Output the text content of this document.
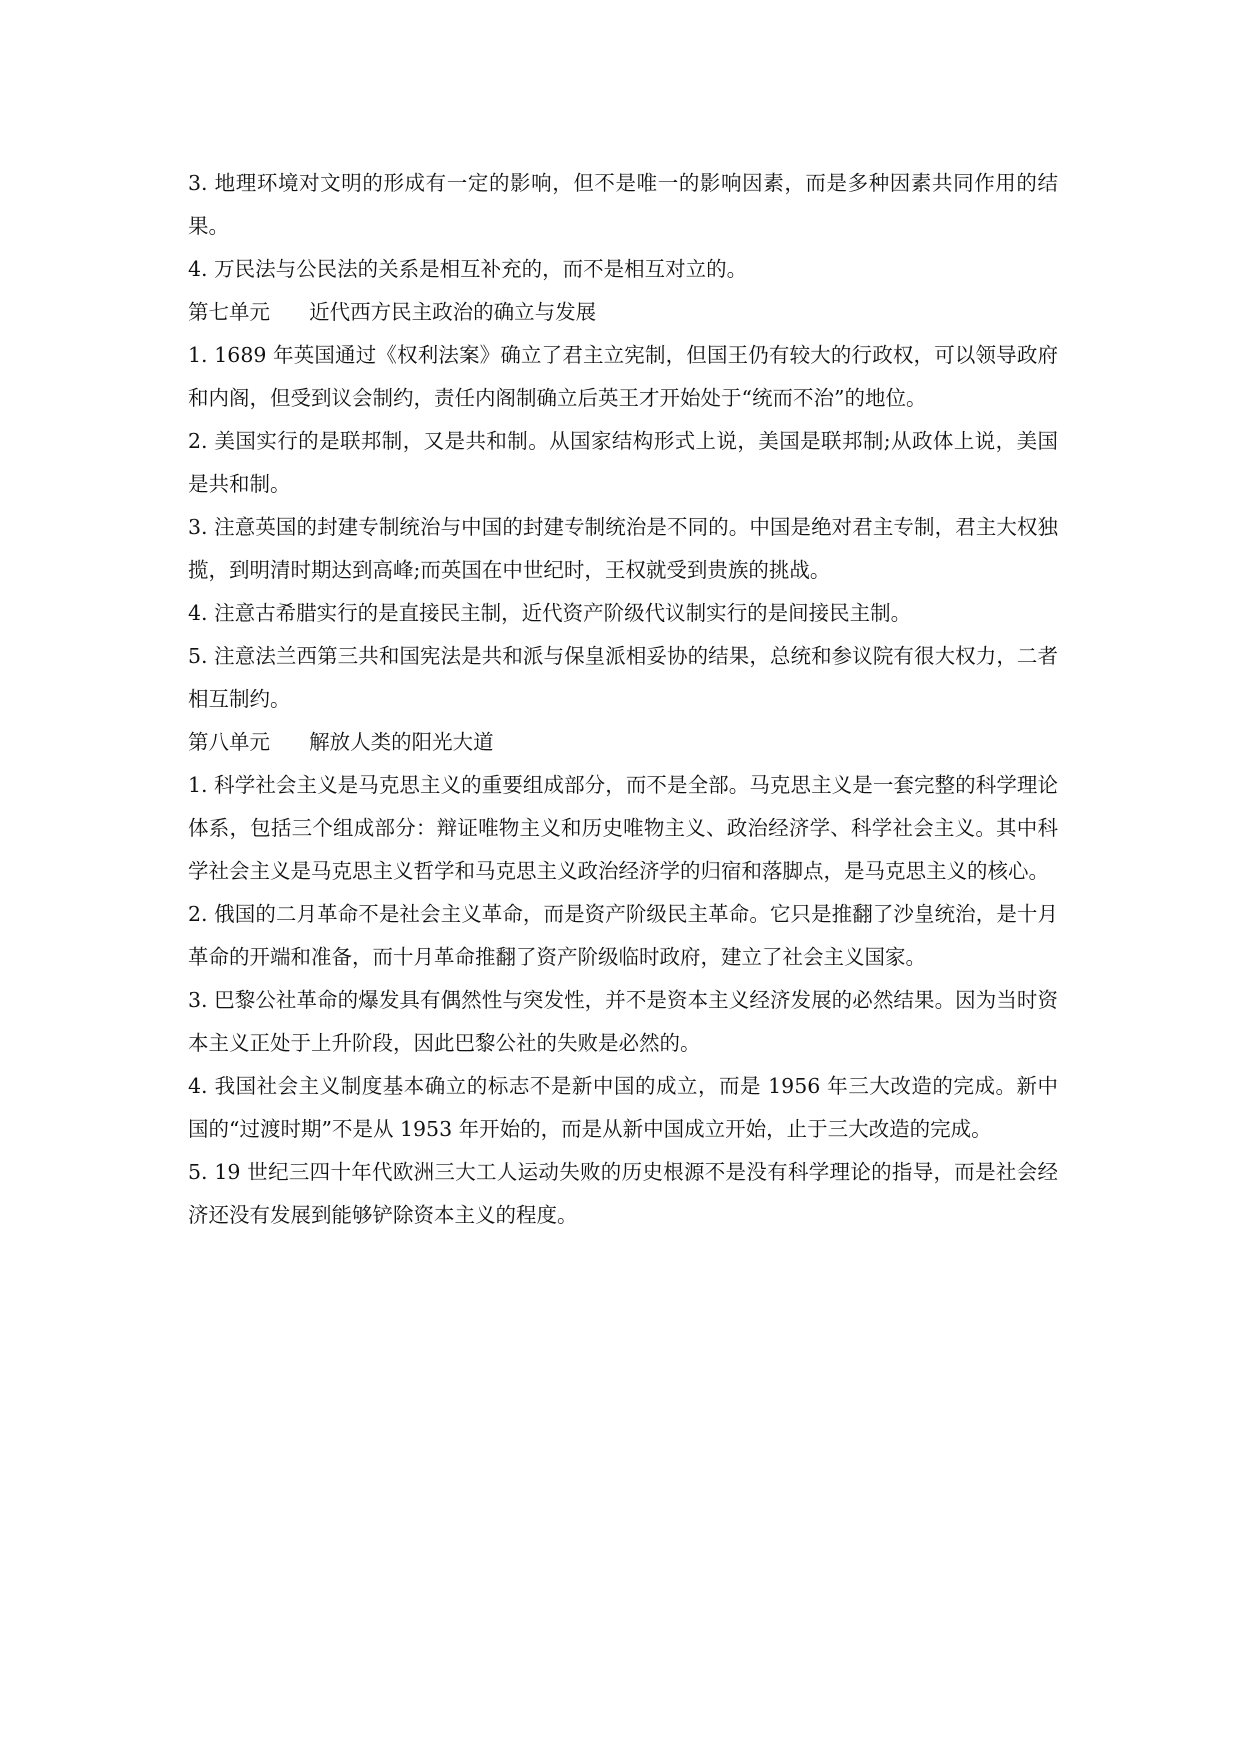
3. 地理环境对文明的形成有一定的影响，但不是唯一的影响因素，而是多种因素共同作用的结果。

4. 万民法与公民法的关系是相互补充的，而不是相互对立的。

第七单元      近代西方民主政治的确立与发展

1. 1689 年英国通过《权利法案》确立了君主立宪制，但国王仍有较大的行政权，可以领导政府和内阁，但受到议会制约，责任内阁制确立后英王才开始处于“统而不治”的地位。

2. 美国实行的是联邦制，又是共和制。从国家结构形式上说，美国是联邦制;从政体上说，美国是共和制。

3. 注意英国的封建专制统治与中国的封建专制统治是不同的。中国是绝对君主专制，君主大权独揽，到明清时期达到高峰;而英国在中世纪时，王权就受到贵族的挑战。

4. 注意古希腊实行的是直接民主制，近代资产阶级代议制实行的是间接民主制。

5. 注意法兰西第三共和国宪法是共和派与保皇派相妥协的结果，总统和参议院有很大权力，二者相互制约。

第八单元      解放人类的阳光大道

1. 科学社会主义是马克思主义的重要组成部分，而不是全部。马克思主义是一套完整的科学理论体系，包括三个组成部分：辩证唯物主义和历史唯物主义、政治经济学、科学社会主义。其中科学社会主义是马克思主义哲学和马克思主义政治经济学的归宿和落脚点，是马克思主义的核心。

2. 俄国的二月革命不是社会主义革命，而是资产阶级民主革命。它只是推翻了沙皇统治，是十月革命的开端和准备，而十月革命推翻了资产阶级临时政府，建立了社会主义国家。

3. 巴黎公社革命的爆发具有偶然性与突发性，并不是资本主义经济发展的必然结果。因为当时资本主义正处于上升阶段，因此巴黎公社的失败是必然的。

4. 我国社会主义制度基本确立的标志不是新中国的成立，而是 1956 年三大改造的完成。新中国的“过渡时期”不是从 1953 年开始的，而是从新中国成立开始，止于三大改造的完成。

5. 19 世纪三四十年代欧洲三大工人运动失败的历史根源不是没有科学理论的指导，而是社会经济还没有发展到能够铲除资本主义的程度。
